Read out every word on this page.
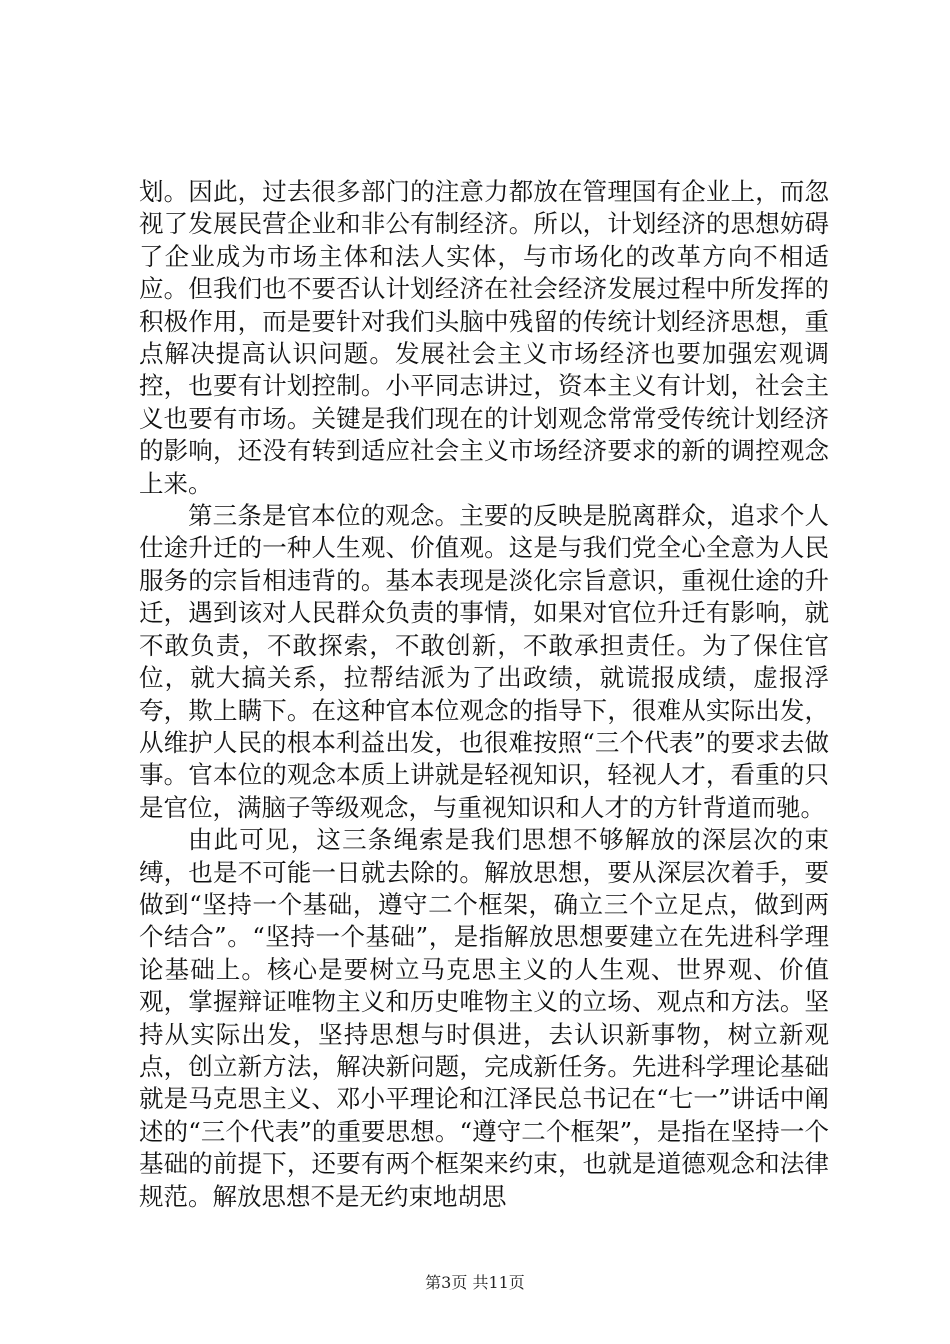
划。因此，过去很多部门的注意力都放在管理国有企业上，而忽视了发展民营企业和非公有制经济。所以，计划经济的思想妨碍了企业成为市场主体和法人实体，与市场化的改革方向不相适应。但我们也不要否认计划经济在社会经济发展过程中所发挥的积极作用，而是要针对我们头脑中残留的传统计划经济思想，重点解决提高认识问题。发展社会主义市场经济也要加强宏观调控，也要有计划控制。小平同志讲过，资本主义有计划，社会主义也要有市场。关键是我们现在的计划观念常常受传统计划经济的影响，还没有转到适应社会主义市场经济要求的新的调控观念上来。

第三条是官本位的观念。主要的反映是脱离群众，追求个人仕途升迁的一种人生观、价值观。这是与我们党全心全意为人民服务的宗旨相违背的。基本表现是淡化宗旨意识，重视仕途的升迁，遇到该对人民群众负责的事情，如果对官位升迁有影响，就不敢负责，不敢探索，不敢创新，不敢承担责任。为了保住官位，就大搞关系，拉帮结派为了出政绩，就谎报成绩，虚报浮夸，欺上瞒下。在这种官本位观念的指导下，很难从实际出发，从维护人民的根本利益出发，也很难按照“三个代表”的要求去做事。官本位的观念本质上讲就是轻视知识，轻视人才，看重的只是官位，满脑子等级观念，与重视知识和人才的方针背道而驰。

由此可见，这三条绳索是我们思想不够解放的深层次的束缚，也是不可能一日就去除的。解放思想，要从深层次着手，要做到“坚持一个基础，遵守二个框架，确立三个立足点，做到两个结合”。“坚持一个基础”，是指解放思想要建立在先进科学理论基础上。核心是要树立马克思主义的人生观、世界观、价值观，掌握辩证唯物主义和历史唯物主义的立场、观点和方法。坚持从实际出发，坚持思想与时俱进，去认识新事物，树立新观点，创立新方法，解决新问题，完成新任务。先进科学理论基础就是马克思主义、邓小平理论和江泽民总书记在“七一”讲话中阐述的“三个代表”的重要思想。“遵守二个框架”，是指在坚持一个基础的前提下，还要有两个框架来约束，也就是道德观念和法律规范。解放思想不是无约束地胡思

第3页 共11页
